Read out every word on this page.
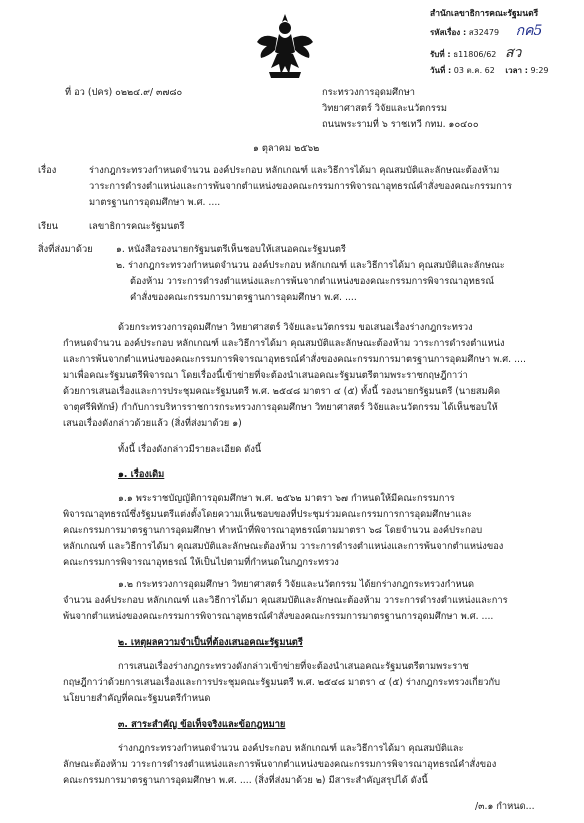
สำนักเลขาธิการคณะรัฐมนตรี
รหัสเรื่อง : ส32479 กค5
รับที่ : ธ11806/62 สว
วันที่ : 03 ต.ค. 62 เวลา : 9:29
ที่ อว (ปคร) ๐๒๒๔.๙/ ๓๗๘๐	กระทรวงการอุดมศึกษา
วิทยาศาสตร์ วิจัยและนวัตกรรม
ถนนพระรามที่ ๖ ราชเทวี กทม. ๑๐๔๐๐
๑ ตุลาคม ๒๕๖๒
เรื่อง	ร่างกฎกระทรวงกำหนดจำนวน องค์ประกอบ หลักเกณฑ์ และวิธีการได้มา คุณสมบัติและลักษณะต้องห้าม
วาระการดำรงตำแหน่งและการพ้นจากตำแหน่งของคณะกรรมการพิจารณาอุทธรณ์คำสั่งของคณะกรรมการ
มาตรฐานการอุดมศึกษา พ.ศ. ....
เรียน	เลขาธิการคณะรัฐมนตรี
สิ่งที่ส่งมาด้วย	๑. หนังสือรองนายกรัฐมนตรีเห็นชอบให้เสนอคณะรัฐมนตรี
๒. ร่างกฎกระทรวงกำหนดจำนวน องค์ประกอบ หลักเกณฑ์ และวิธีการได้มา คุณสมบัติและลักษณะ
ต้องห้าม วาระการดำรงตำแหน่งและการพ้นจากตำแหน่งของคณะกรรมการพิจารณาอุทธรณ์
คำสั่งของคณะกรรมการมาตรฐานการอุดมศึกษา พ.ศ. ....
ด้วยกระทรวงการอุดมศึกษา วิทยาศาสตร์ วิจัยและนวัตกรรม ขอเสนอเรื่องร่างกฎกระทรวง
กำหนดจำนวน องค์ประกอบ หลักเกณฑ์ และวิธีการได้มา คุณสมบัติและลักษณะต้องห้าม วาระการดำรงตำแหน่ง
และการพ้นจากตำแหน่งของคณะกรรมการพิจารณาอุทธรณ์คำสั่งของคณะกรรมการมาตรฐานการอุดมศึกษา พ.ศ. ....
มาเพื่อคณะรัฐมนตรีพิจารณา โดยเรื่องนี้เข้าข่ายที่จะต้องนำเสนอคณะรัฐมนตรีตามพระราชกฤษฎีกาว่า
ด้วยการเสนอเรื่องและการประชุมคณะรัฐมนตรี พ.ศ. ๒๕๔๘ มาตรา ๔ (๕) ทั้งนี้ รองนายกรัฐมนตรี (นายสมคิด
จาตุศรีพิทักษ์) กำกับการบริหารราชการกระทรวงการอุดมศึกษา วิทยาศาสตร์ วิจัยและนวัตกรรม ได้เห็นชอบให้
เสนอเรื่องดังกล่าวด้วยแล้ว (สิ่งที่ส่งมาด้วย ๑)
ทั้งนี้ เรื่องดังกล่าวมีรายละเอียด ดังนี้
๑. เรื่องเดิม
๑.๑ พระราชบัญญัติการอุดมศึกษา พ.ศ. ๒๕๖๒ มาตรา ๖๗ กำหนดให้มีคณะกรรมการ
พิจารณาอุทธรณ์ซึ่งรัฐมนตรีแต่งตั้งโดยความเห็นชอบของที่ประชุมร่วมคณะกรรมการการอุดมศึกษาและ
คณะกรรมการมาตรฐานการอุดมศึกษา ทำหน้าที่พิจารณาอุทธรณ์ตามมาตรา ๖๘ โดยจำนวน องค์ประกอบ
หลักเกณฑ์ และวิธีการได้มา คุณสมบัติและลักษณะต้องห้าม วาระการดำรงตำแหน่งและการพ้นจากตำแหน่งของ
คณะกรรมการพิจารณาอุทธรณ์ ให้เป็นไปตามที่กำหนดในกฎกระทรวง
๑.๒ กระทรวงการอุดมศึกษา วิทยาศาสตร์ วิจัยและนวัตกรรม ได้ยกร่างกฎกระทรวงกำหนด
จำนวน องค์ประกอบ หลักเกณฑ์ และวิธีการได้มา คุณสมบัติและลักษณะต้องห้าม วาระการดำรงตำแหน่งและการ
พ้นจากตำแหน่งของคณะกรรมการพิจารณาอุทธรณ์คำสั่งของคณะกรรมการมาตรฐานการอุดมศึกษา พ.ศ. ....
๒. เหตุผลความจำเป็นที่ต้องเสนอคณะรัฐมนตรี
การเสนอเรื่องร่างกฎกระทรวงดังกล่าวเข้าข่ายที่จะต้องนำเสนอคณะรัฐมนตรีตามพระราช
กฤษฎีกาว่าด้วยการเสนอเรื่องและการประชุมคณะรัฐมนตรี พ.ศ. ๒๕๔๘ มาตรา ๔ (๕) ร่างกฎกระทรวงเกี่ยวกับ
นโยบายสำคัญที่คณะรัฐมนตรีกำหนด
๓. สาระสำคัญ ข้อเท็จจริงและข้อกฎหมาย
ร่างกฎกระทรวงกำหนดจำนวน องค์ประกอบ หลักเกณฑ์ และวิธีการได้มา คุณสมบัติและ
ลักษณะต้องห้าม วาระการดำรงตำแหน่งและการพ้นจากตำแหน่งของคณะกรรมการพิจารณาอุทธรณ์คำสั่งของ
คณะกรรมการมาตรฐานการอุดมศึกษา พ.ศ. .... (สิ่งที่ส่งมาด้วย ๒) มีสาระสำคัญสรุปได้ ดังนี้
/๓.๑ กำหนด...
